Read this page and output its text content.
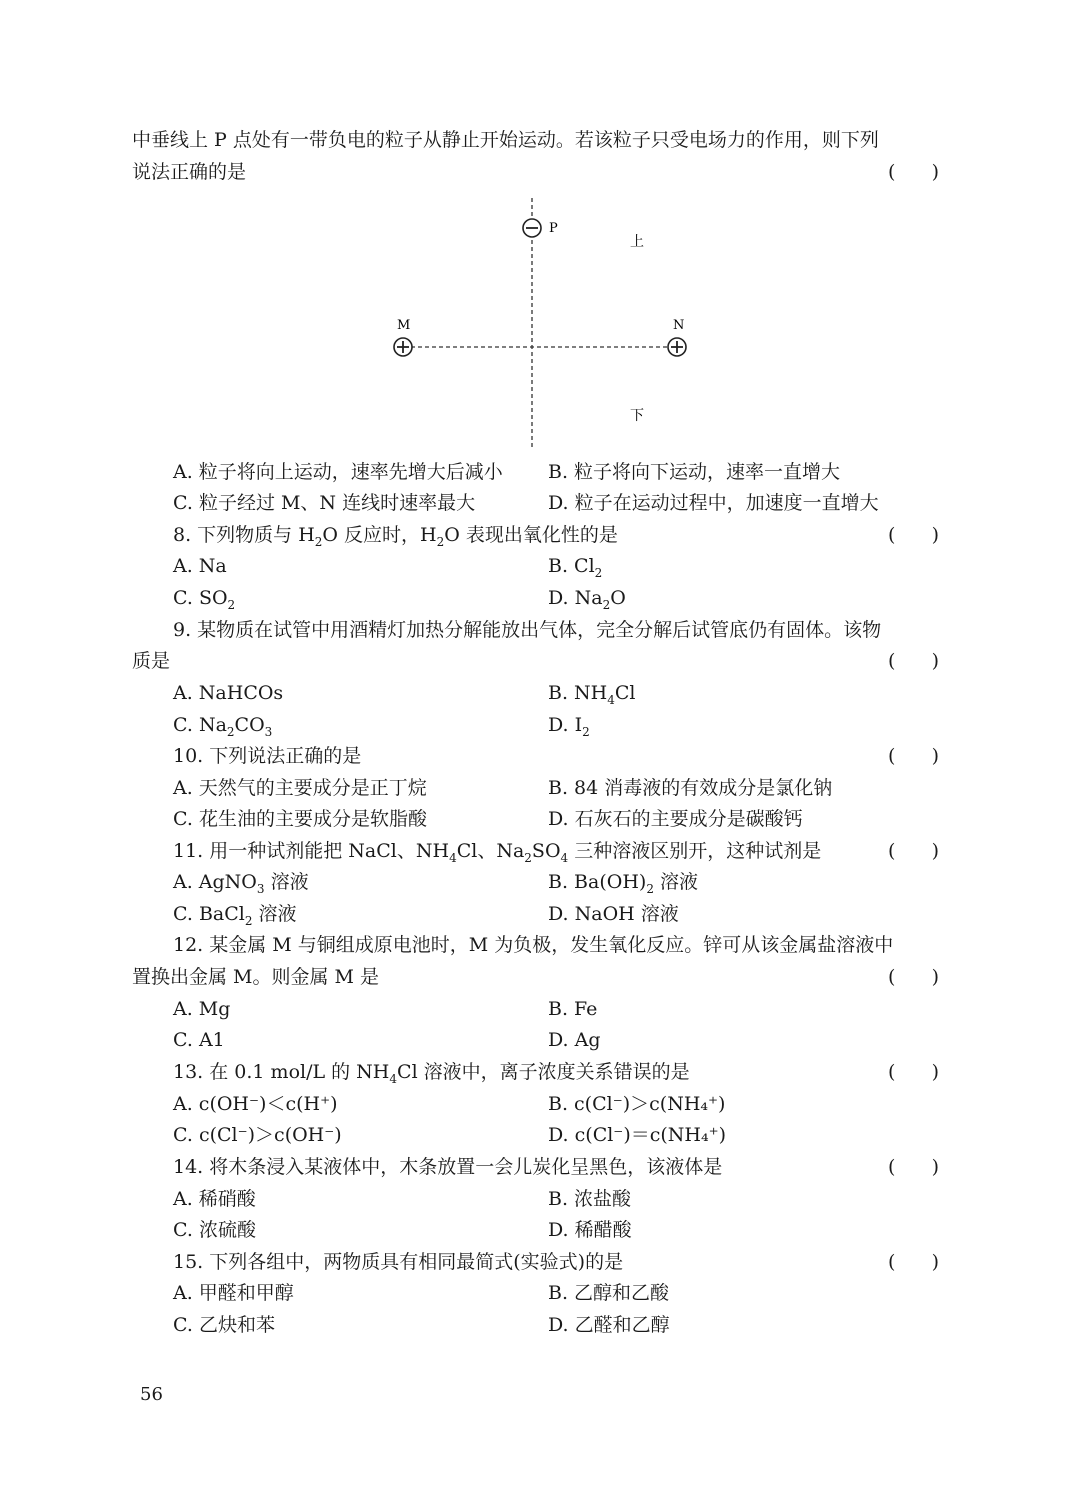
中垂线上 P 点处有一带负电的粒子从静止开始运动。若该粒子只受电场力的作用，则下列
说法正确的是	(      )
P
上
下
M	N
A. 粒子将向上运动，速率先增大后减小 B. 粒子将向下运动，速率一直增大
C. 粒子经过 M、N 连线时速率最大	D. 粒子在运动过程中，加速度一直增大
8. 下列物质与 $H_2O$ 反应时，$H_2O$ 表现出氧化性的是	(      )
A. Na	B. $Cl_2$
C. $SO_2$	D. $Na_2O$
9. 某物质在试管中用酒精灯加热分解能放出气体，完全分解后试管底仍有固体。该物
质是	(      )
A. NaHCOs	B. $NH_4Cl$
C. $Na_2CO_3$	D. $I_2$
10. 下列说法正确的是	(      )
A. 天然气的主要成分是正丁烷	B. 84 消毒液的有效成分是氯化钠
C. 花生油的主要成分是软脂酸	D. 石灰石的主要成分是碳酸钙
11. 用一种试剂能把 NaCl、$NH_4Cl$、$Na_2SO_4$ 三种溶液区别开，这种试剂是	(      )
A. AgNO$_3$ 溶液	B. $Ba(OH)_2$ 溶液
C. BaCl$_2$ 溶液	D. NaOH 溶液
12. 某金属 M 与铜组成原电池时，M 为负极，发生氧化反应。锌可从该金属盐溶液中
置换出金属 M。则金属 M 是	(      )
A. Mg	B. Fe
C. A1	D. Ag
13. 在 0.1 mol/L 的 $NH_4Cl$ 溶液中，离子浓度关系错误的是	(      )
A. c(OH⁻)＜c(H⁺)	B. c(Cl⁻)＞c(NH₄⁺)
C. c(Cl⁻)＞c(OH⁻)	D. c(Cl⁻)＝c(NH₄⁺)
14. 将木条浸入某液体中，木条放置一会儿炭化呈黑色，该液体是	(      )
A. 稀硝酸	B. 浓盐酸
C. 浓硫酸	D. 稀醋酸
15. 下列各组中，两物质具有相同最简式(实验式)的是	(      )
A. 甲醛和甲醇	B. 乙醇和乙酸
C. 乙炔和苯	D. 乙醛和乙醇
56
